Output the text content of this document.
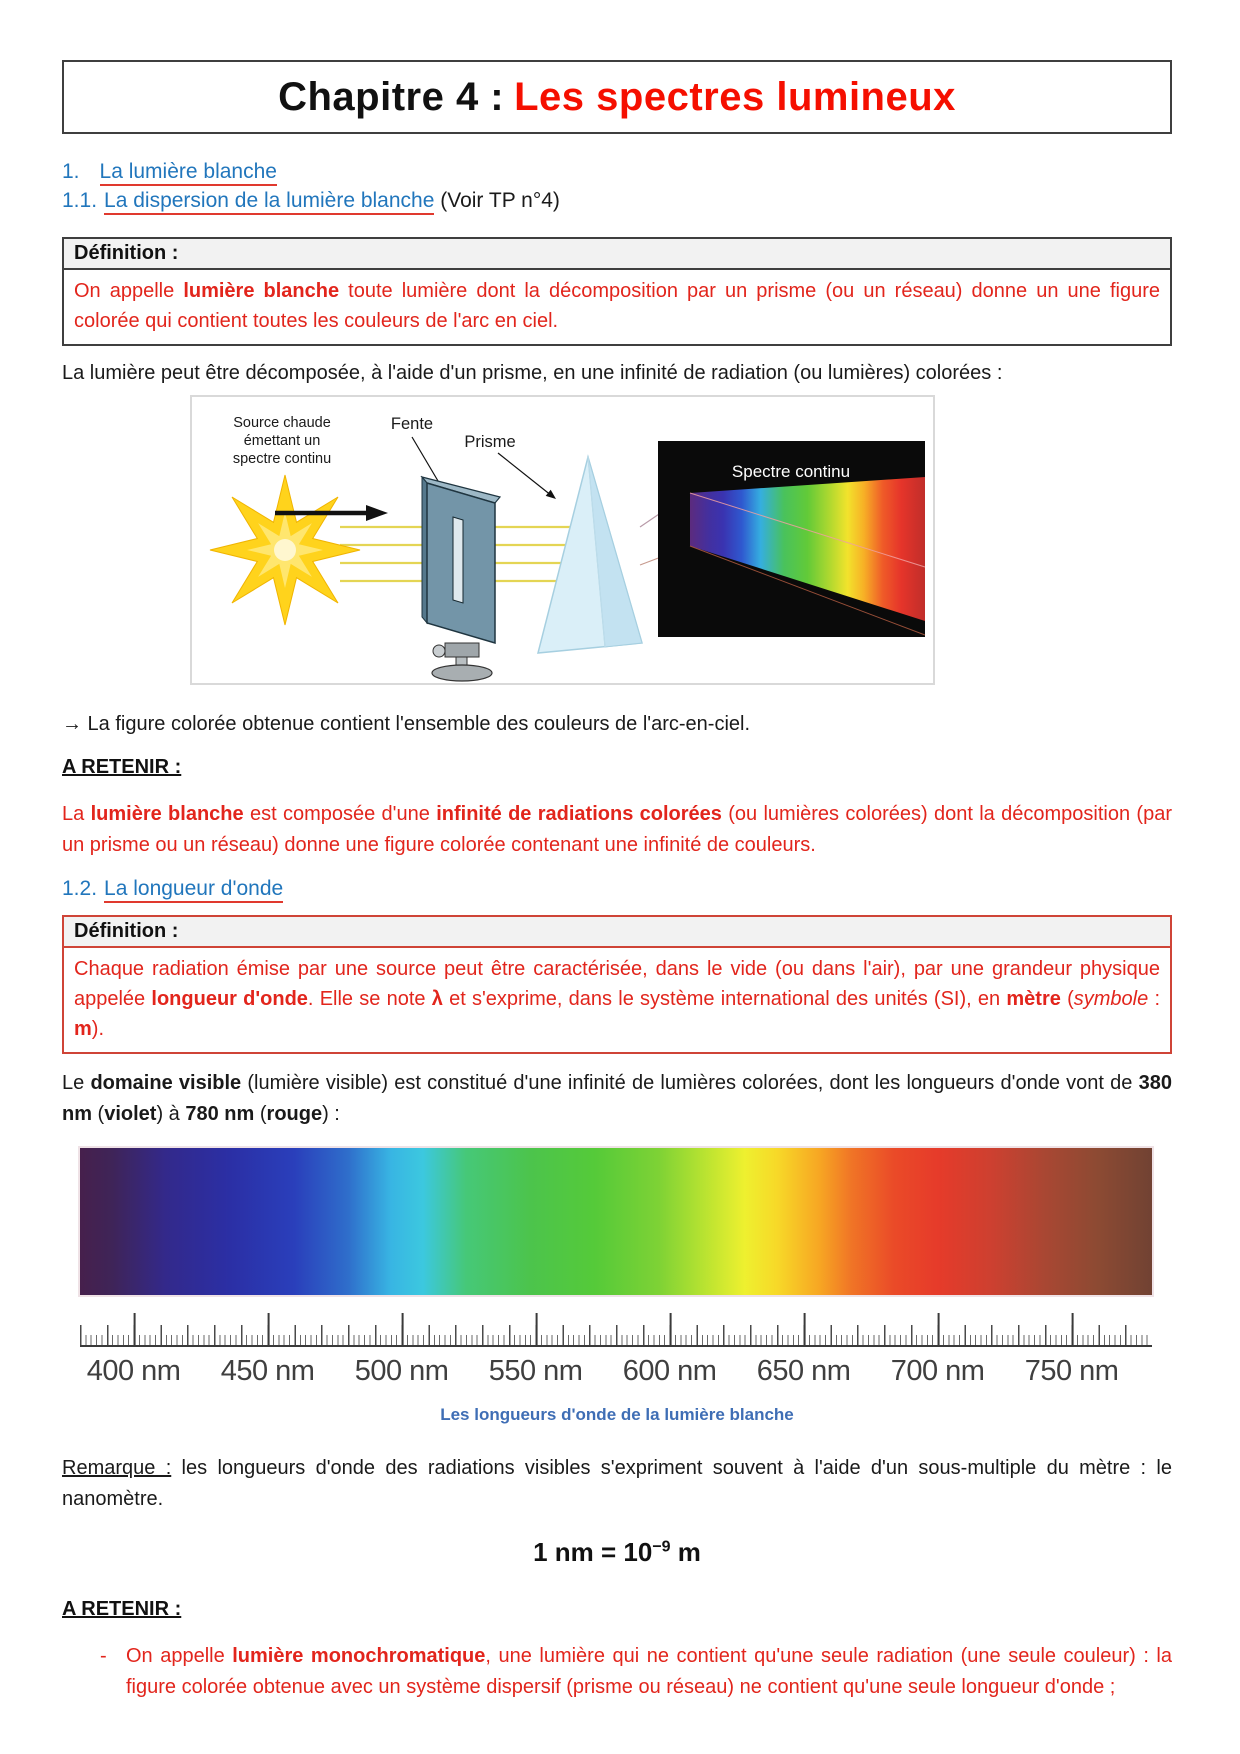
Chapitre 4 : Les spectres lumineux

1. La lumière blanche

1.1. La dispersion de la lumière blanche (Voir TP n°4)

Définition :
On appelle lumière blanche toute lumière dont la décomposition par un prisme (ou un réseau) donne un une figure colorée qui contient toutes les couleurs de l'arc en ciel.

La lumière peut être décomposée, à l'aide d'un prisme, en une infinité de radiation (ou lumières) colorées :

Source chaude
émettant un
spectre continu
Fente
Prisme
Spectre continu

→ La figure colorée obtenue contient l'ensemble des couleurs de l'arc-en-ciel.

A RETENIR :

La lumière blanche est composée d'une infinité de radiations colorées (ou lumières colorées) dont la décomposition (par un prisme ou un réseau) donne une figure colorée contenant une infinité de couleurs.

1.2. La longueur d'onde

Définition :
Chaque radiation émise par une source peut être caractérisée, dans le vide (ou dans l'air), par une grandeur physique appelée longueur d'onde. Elle se note λ et s'exprime, dans le système international des unités (SI), en mètre (symbole : m).

Le domaine visible (lumière visible) est constitué d'une infinité de lumières colorées, dont les longueurs d'onde vont de 380 nm (violet) à 780 nm (rouge) :

400 nm 450 nm 500 nm 550 nm 600 nm 650 nm 700 nm 750 nm
Les longueurs d'onde de la lumière blanche

Remarque : les longueurs d'onde des radiations visibles s'expriment souvent à l'aide d'un sous-multiple du mètre : le nanomètre.

1 nm = $10^{-9}$ m

A RETENIR :

- On appelle lumière monochromatique, une lumière qui ne contient qu'une seule radiation (une seule couleur) : la figure colorée obtenue avec un système dispersif (prisme ou réseau) ne contient qu'une seule longueur d'onde ;
